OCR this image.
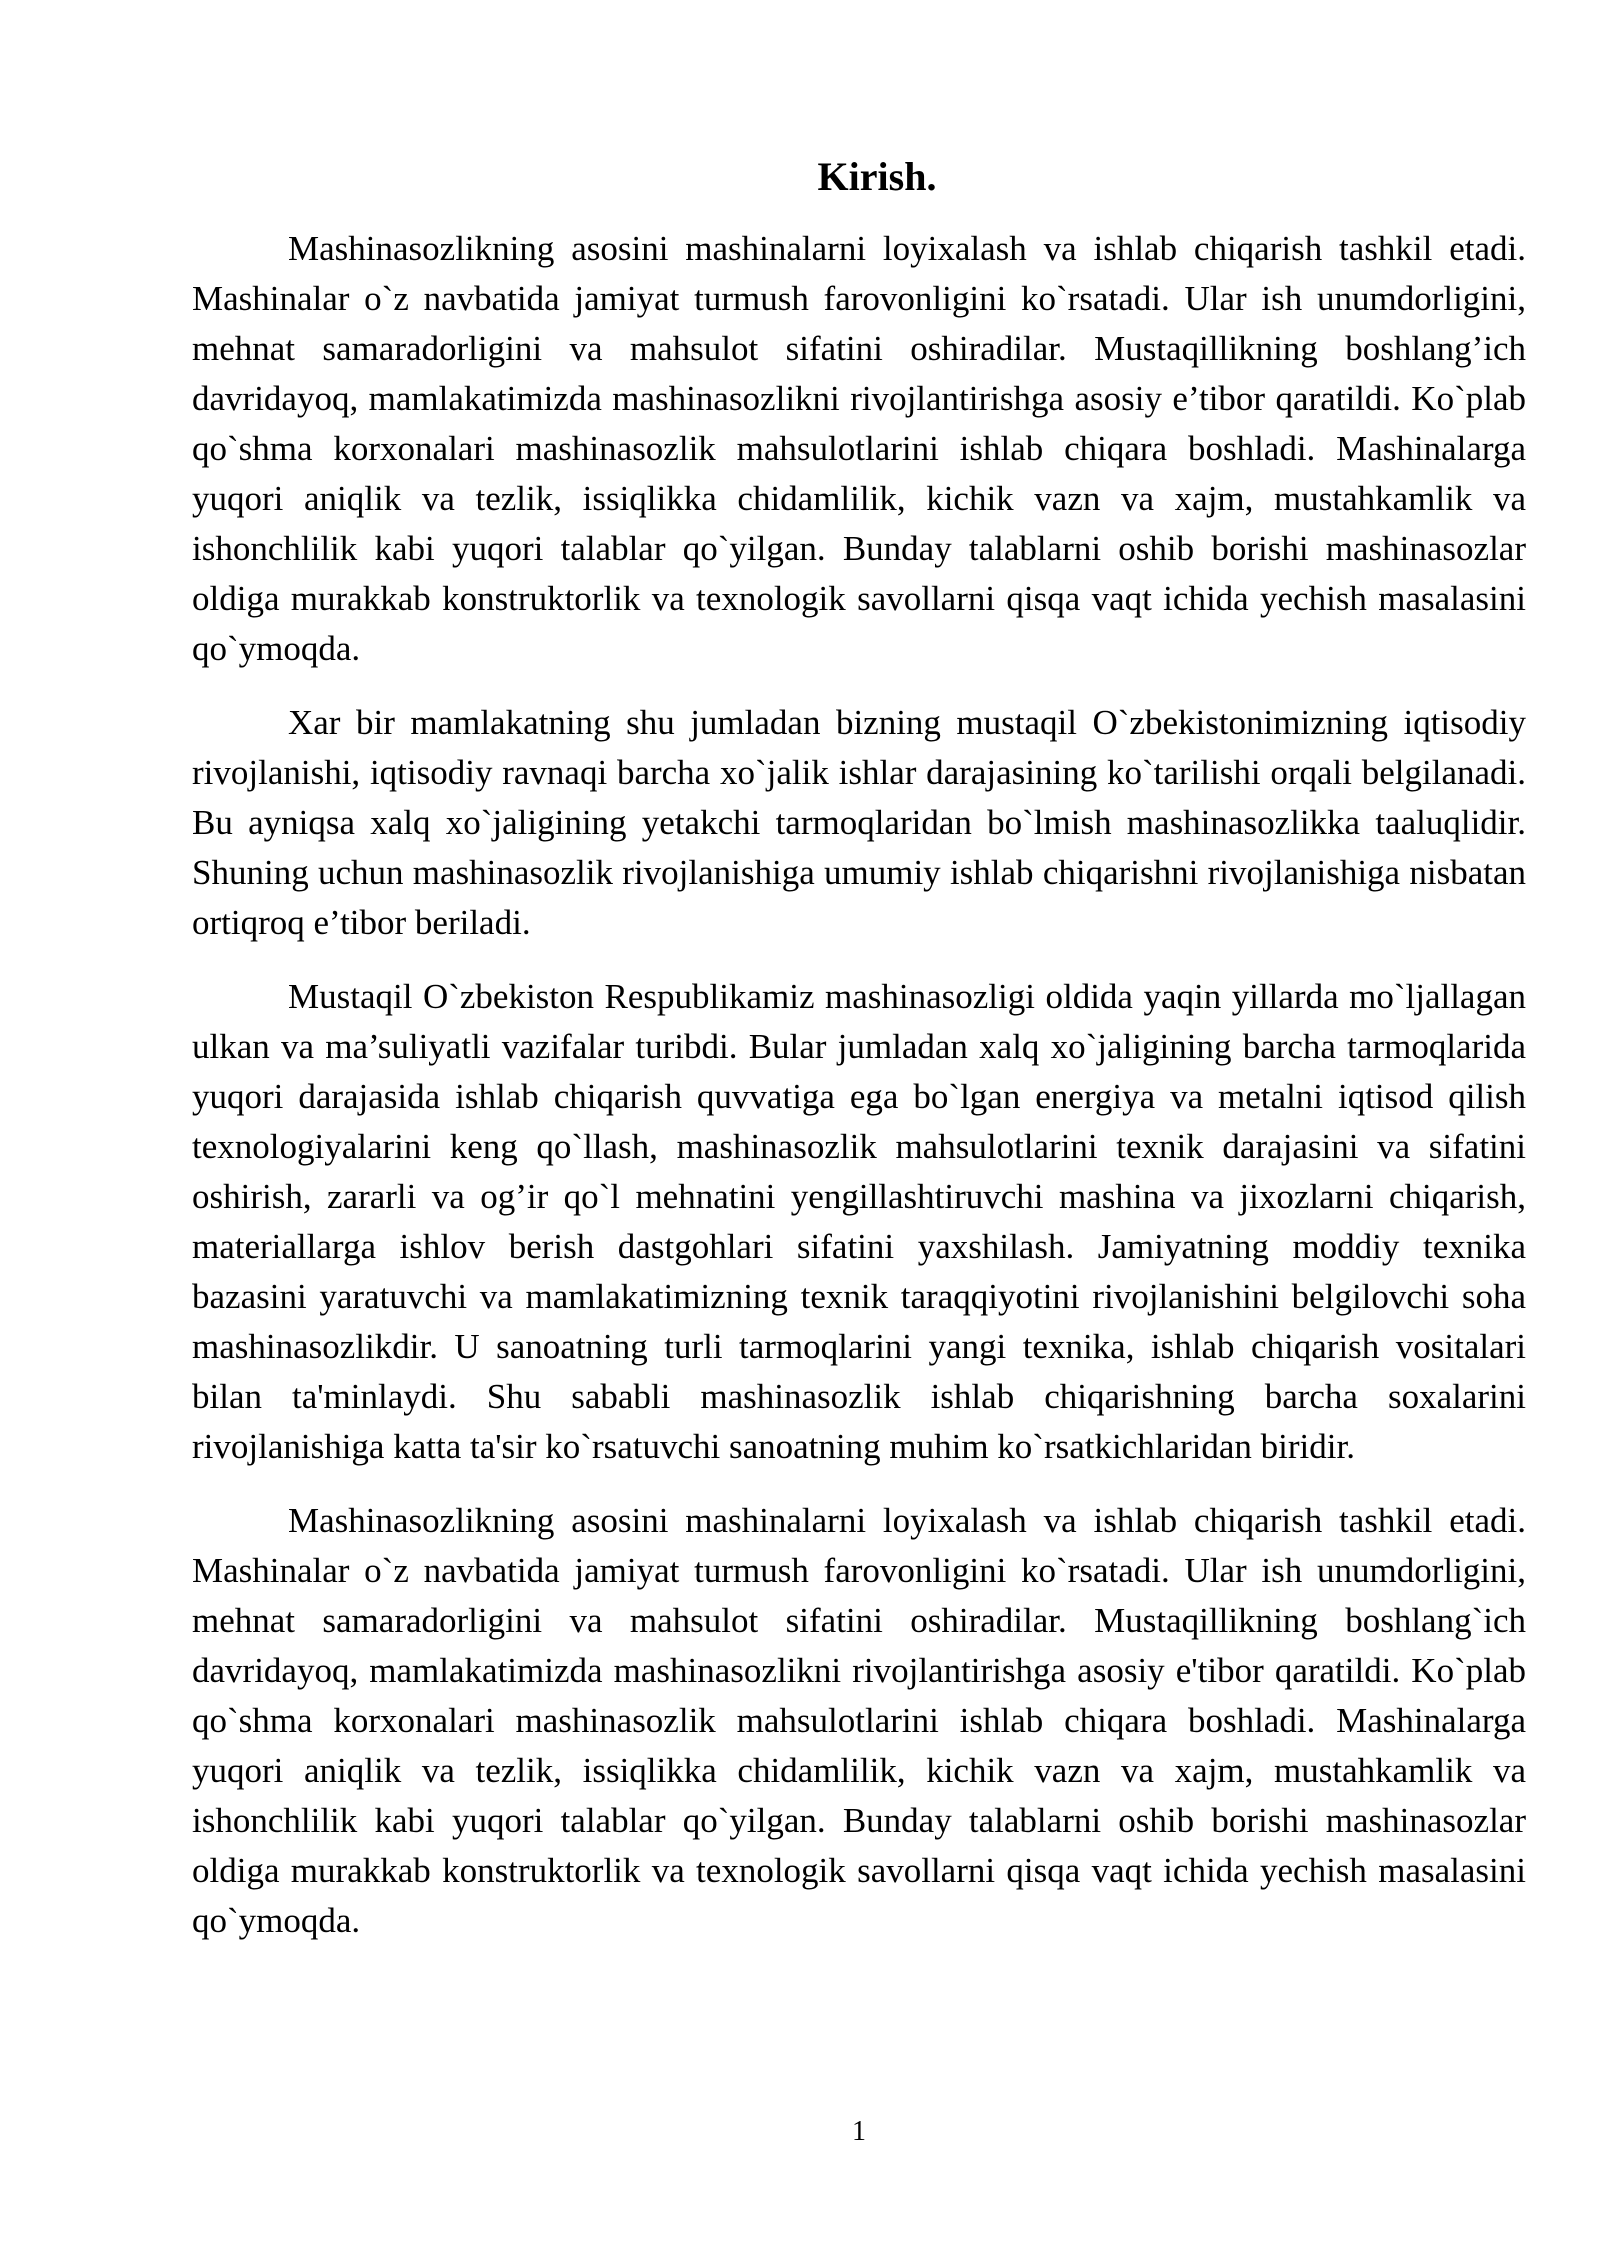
Kirish.

Mashinasozlikning asosini mashinalarni loyixalash va ishlab chiqarish tashkil etadi. Mashinalar o`z navbatida jamiyat turmush farovonligini ko`rsatadi. Ular ish unumdorligini, mehnat samaradorligini va mahsulot sifatini oshiradilar. Mustaqillikning boshlang’ich davridayoq, mamlakatimizda mashinasozlikni rivojlantirishga asosiy e’tibor qaratildi. Ko`plab qo`shma korxonalari mashinasozlik mahsulotlarini ishlab chiqara boshladi. Mashinalarga yuqori aniqlik va tezlik, issiqlikka chidamlilik, kichik vazn va xajm, mustahkamlik va ishonchlilik kabi yuqori talablar qo`yilgan. Bunday talablarni oshib borishi mashinasozlar oldiga murakkab konstruktorlik va texnologik savollarni qisqa vaqt ichida yechish masalasini qo`ymoqda.

Xar bir mamlakatning shu jumladan bizning mustaqil O`zbekistonimizning iqtisodiy rivojlanishi, iqtisodiy ravnaqi barcha xo`jalik ishlar darajasining ko`tarilishi orqali belgilanadi. Bu ayniqsa xalq xo`jaligining yetakchi tarmoqlaridan bo`lmish mashinasozlikka taaluqlidir. Shuning uchun mashinasozlik rivojlanishiga umumiy ishlab chiqarishni rivojlanishiga nisbatan ortiqroq e’tibor beriladi.

Mustaqil O`zbekiston Respublikamiz mashinasozligi oldida yaqin yillarda mo`ljallagan ulkan va ma’suliyatli vazifalar turibdi. Bular jumladan xalq xo`jaligining barcha tarmoqlarida yuqori darajasida ishlab chiqarish quvvatiga ega bo`lgan energiya va metalni iqtisod qilish texnologiyalarini keng qo`llash, mashinasozlik mahsulotlarini texnik darajasini va sifatini oshirish, zararli va og’ir qo`l mehnatini yengillashtiruvchi mashina va jixozlarni chiqarish, materiallarga ishlov berish dastgohlari sifatini yaxshilash. Jamiyatning moddiy texnika bazasini yaratuvchi va mamlakatimizning texnik taraqqiyotini rivojlanishini belgilovchi soha mashinasozlikdir. U sanoatning turli tarmoqlarini yangi texnika, ishlab chiqarish vositalari bilan ta'minlaydi. Shu sababli mashinasozlik ishlab chiqarishning barcha soxalarini rivojlanishiga katta ta'sir ko`rsatuvchi sanoatning muhim ko`rsatkichlaridan biridir.

Mashinasozlikning asosini mashinalarni loyixalash va ishlab chiqarish tashkil etadi. Mashinalar o`z navbatida jamiyat turmush farovonligini ko`rsatadi. Ular ish unumdorligini, mehnat samaradorligini va mahsulot sifatini oshiradilar. Mustaqillikning boshlang`ich davridayoq, mamlakatimizda mashinasozlikni rivojlantirishga asosiy e'tibor qaratildi. Ko`plab qo`shma korxonalari mashinasozlik mahsulotlarini ishlab chiqara boshladi. Mashinalarga yuqori aniqlik va tezlik, issiqlikka chidamlilik, kichik vazn va xajm, mustahkamlik va ishonchlilik kabi yuqori talablar qo`yilgan. Bunday talablarni oshib borishi mashinasozlar oldiga murakkab konstruktorlik va texnologik savollarni qisqa vaqt ichida yechish masalasini qo`ymoqda.

1
